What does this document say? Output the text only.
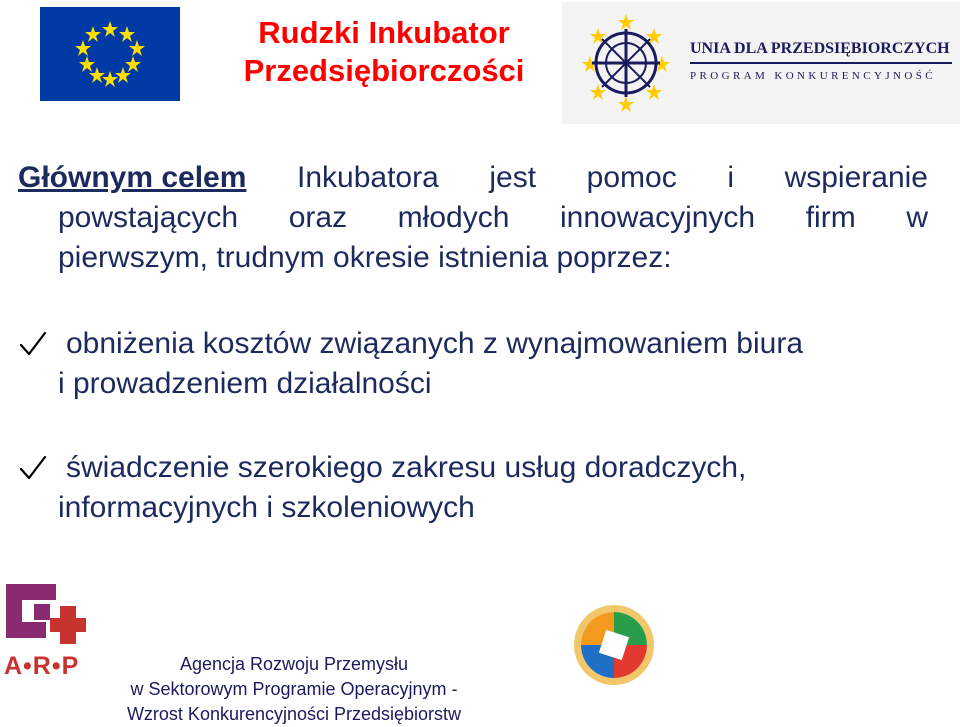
Rudzki Inkubator
Przedsiębiorczości
UNIA DLA PRZEDSIĘBIORCZYCH
PROGRAM KONKURENCYJNOŚĆ
Głównym celem Inkubatora jest pomoc i wspieranie
powstających oraz młodych innowacyjnych firm w
pierwszym, trudnym okresie istnienia poprzez:
obniżenia kosztów związanych z wynajmowaniem biura
i prowadzeniem działalności
świadczenie szerokiego zakresu usług doradczych,
informacyjnych i szkoleniowych
A•R•P	Agencja Rozwoju Przemysłu
w Sektorowym Programie Operacyjnym -
Wzrost Konkurencyjności Przedsiębiorstw
